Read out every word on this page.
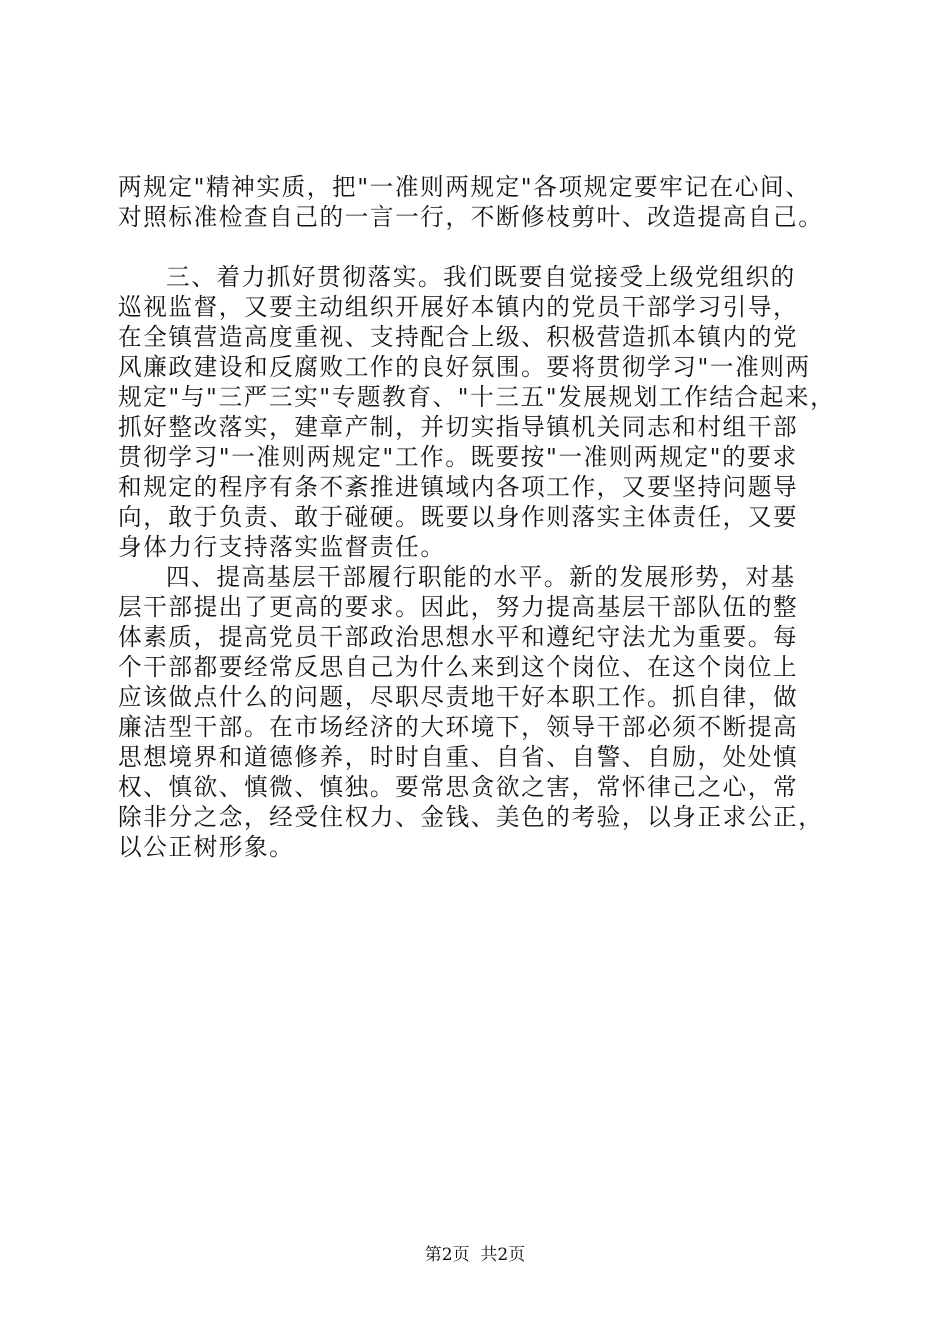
两规定"精神实质，把"一准则两规定"各项规定要牢记在心间、
对照标准检查自己的一言一行，不断修枝剪叶、改造提高自己。
三、着力抓好贯彻落实。我们既要自觉接受上级党组织的
巡视监督，又要主动组织开展好本镇内的党员干部学习引导，
在全镇营造高度重视、支持配合上级、积极营造抓本镇内的党
风廉政建设和反腐败工作的良好氛围。要将贯彻学习"一准则两
规定"与"三严三实"专题教育、"十三五"发展规划工作结合起来，
抓好整改落实，建章产制，并切实指导镇机关同志和村组干部
贯彻学习"一准则两规定"工作。既要按"一准则两规定"的要求
和规定的程序有条不紊推进镇域内各项工作，又要坚持问题导
向，敢于负责、敢于碰硬。既要以身作则落实主体责任，又要
身体力行支持落实监督责任。
四、提高基层干部履行职能的水平。新的发展形势，对基
层干部提出了更高的要求。因此，努力提高基层干部队伍的整
体素质，提高党员干部政治思想水平和遵纪守法尤为重要。每
个干部都要经常反思自己为什么来到这个岗位、在这个岗位上
应该做点什么的问题，尽职尽责地干好本职工作。抓自律，做
廉洁型干部。在市场经济的大环境下，领导干部必须不断提高
思想境界和道德修养，时时自重、自省、自警、自励，处处慎
权、慎欲、慎微、慎独。要常思贪欲之害，常怀律己之心，常
除非分之念，经受住权力、金钱、美色的考验，以身正求公正，
以公正树形象。
第2页  共2页
